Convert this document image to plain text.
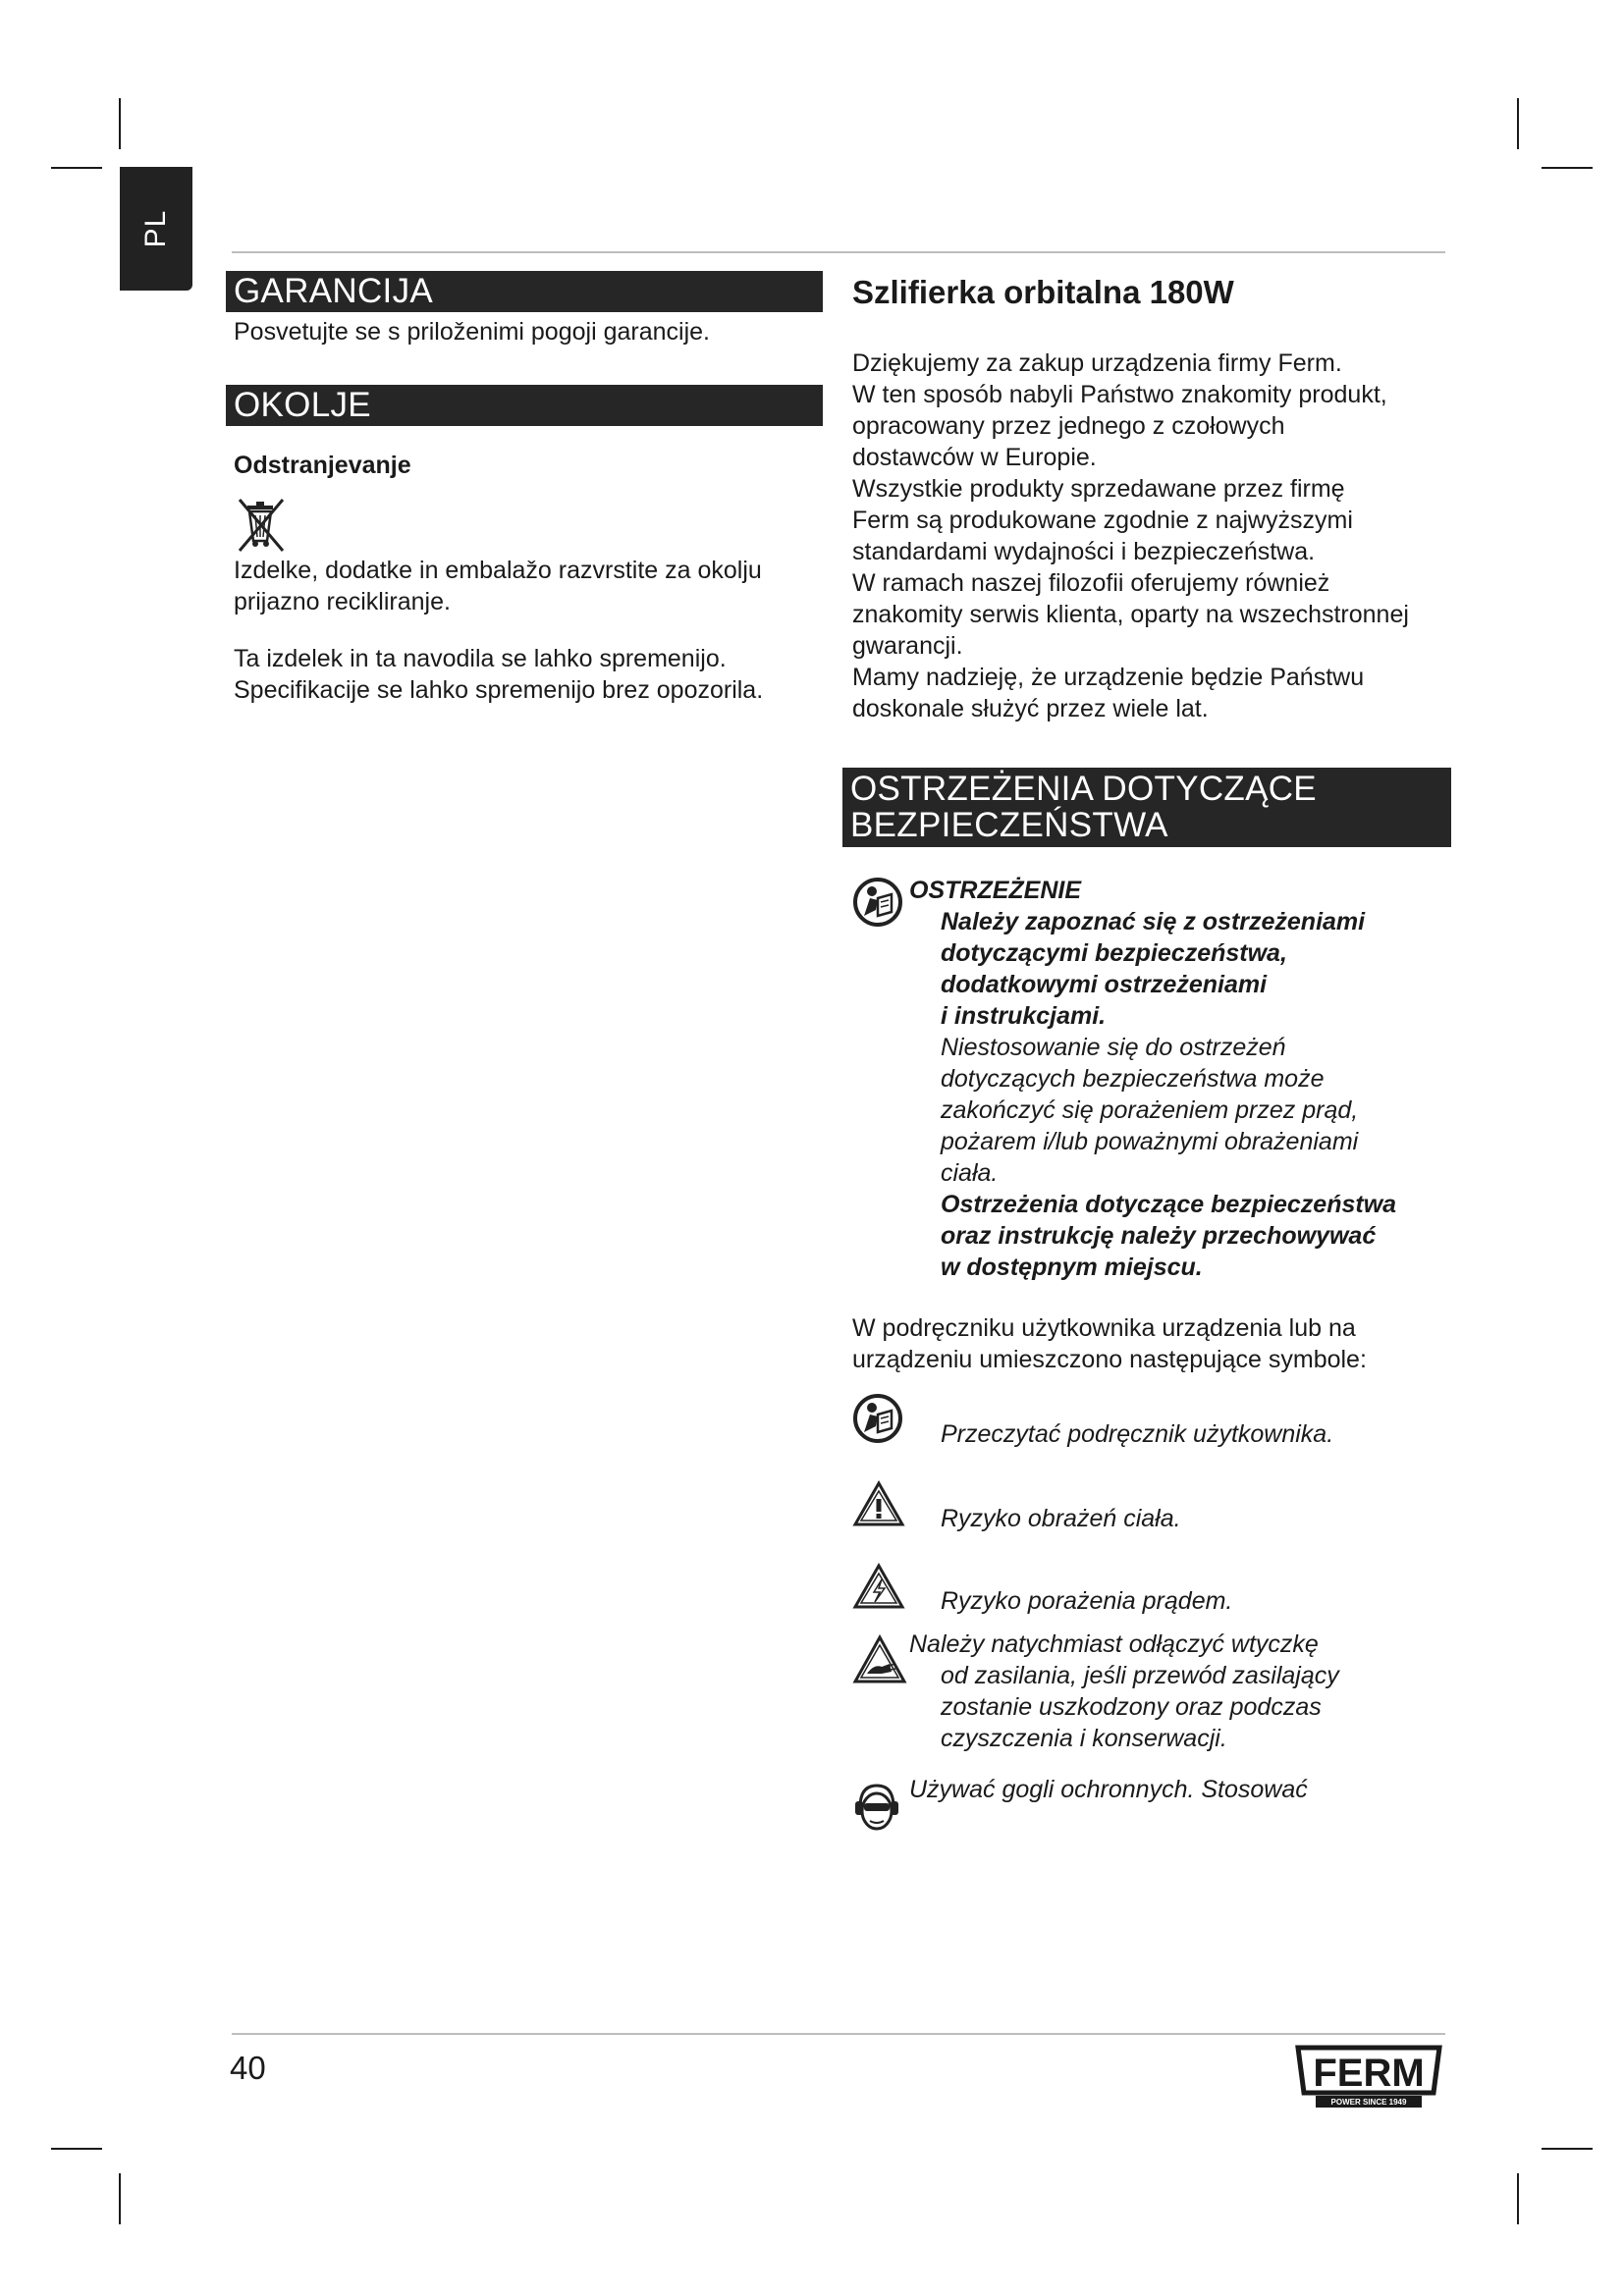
PL
GARANCIJA

Posvetujte se s priloženimi pogoji garancije.

OKOLJE

Odstranjevanje

Izdelke, dodatke in embalažo razvrstite za okolju

prijazno recikliranje.

Ta izdelek in ta navodila se lahko spremenijo.

Specifikacije se lahko spremenijo brez opozorila.

Szlifierka orbitalna 180W

Dziękujemy za zakup urządzenia firmy Ferm.

W ten sposób nabyli Państwo znakomity produkt,

opracowany przez jednego z czołowych

dostawców w Europie.

Wszystkie produkty sprzedawane przez firmę

Ferm są produkowane zgodnie z najwyższymi

standardami wydajności i bezpieczeństwa.

W ramach naszej filozofii oferujemy również

znakomity serwis klienta, oparty na wszechstronnej

gwarancji.

Mamy nadzieję, że urządzenie będzie Państwu

doskonale służyć przez wiele lat.

OSTRZEŻENIA DOTYCZĄCE
BEZPIECZEŃSTWA

OSTRZEŻENIE

Należy zapoznać się z ostrzeżeniami

dotyczącymi bezpieczeństwa,

dodatkowymi ostrzeżeniami

i instrukcjami.

Niestosowanie się do ostrzeżeń

dotyczących bezpieczeństwa może

zakończyć się porażeniem przez prąd,

pożarem i/lub poważnymi obrażeniami

ciała.

Ostrzeżenia dotyczące bezpieczeństwa

oraz instrukcję należy przechowywać

w dostępnym miejscu.

W podręczniku użytkownika urządzenia lub na

urządzeniu umieszczono następujące symbole:

Przeczytać podręcznik użytkownika.

Ryzyko obrażeń ciała.

Ryzyko porażenia prądem.

Należy natychmiast odłączyć wtyczkę

od zasilania, jeśli przewód zasilający

zostanie uszkodzony oraz podczas

czyszczenia i konserwacji.

Używać gogli ochronnych. Stosować

40	FERM
POWER SINCE 1949
